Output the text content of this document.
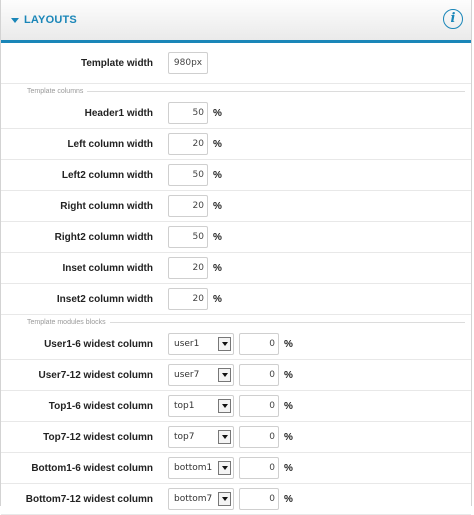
LAYOUTS	i
Template width	980px
Template columns
Header1 width	50 %
Left column width	20 %
Left2 column width	50 %
Right column width	20 %
Right2 column width	50 %
Inset column width	20 %
Inset2 column width	20 %
Template modules blocks
User1-6 widest column	user1	0 %
User7-12 widest column	user7	0 %
Top1-6 widest column	top1	0 %
Top7-12 widest column	top7	0 %
Bottom1-6 widest column	bottom1	0 %
Bottom7-12 widest column	bottom7	0 %
